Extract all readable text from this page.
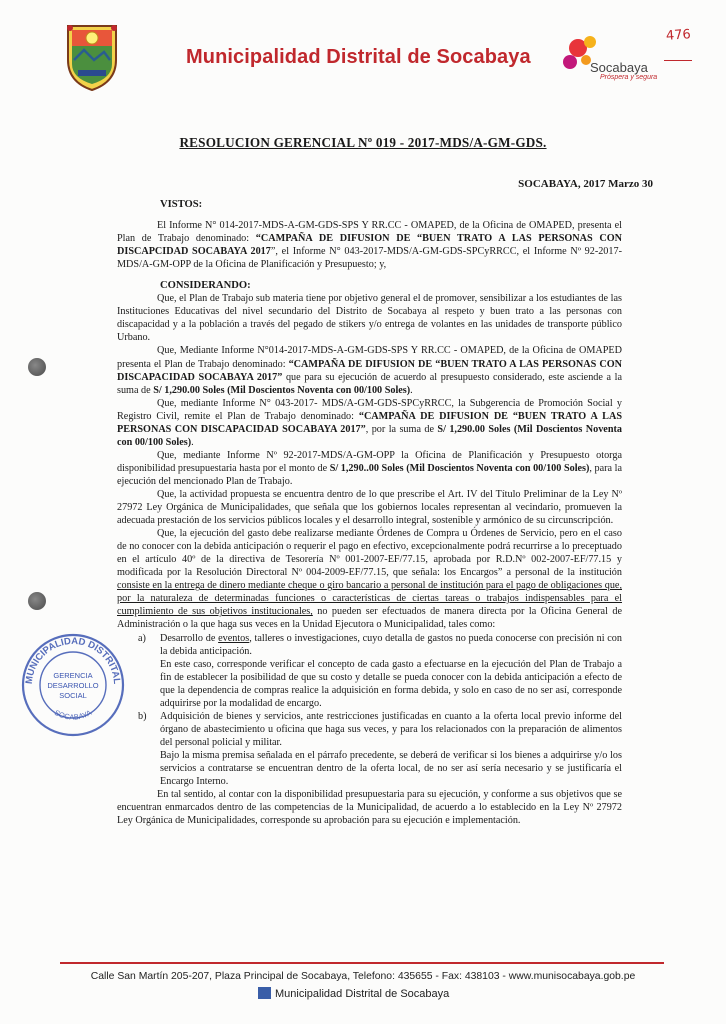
Municipalidad Distrital de Socabaya	Socabaya
Próspera y segura
476
RESOLUCION GERENCIAL Nº 019 - 2017-MDS/A-GM-GDS.
SOCABAYA, 2017 Marzo 30

VISTOS:

El Informe N° 014-2017-MDS-A-GM-GDS-SPS Y RR.CC - OMAPED, de la Oficina de OMAPED, presenta el Plan de Trabajo denominado: “CAMPAÑA DE DIFUSION DE “BUEN TRATO A LAS PERSONAS CON DISCAPCIDAD SOCABAYA 2017”, el Informe N° 043-2017-MDS/A-GM-GDS-SPCyRRCC, el Informe Nº 92-2017-MDS/A-GM-OPP de la Oficina de Planificación y Presupuesto; y,

CONSIDERANDO:

Que, el Plan de Trabajo sub materia tiene por objetivo general el de promover, sensibilizar a los estudiantes de las Instituciones Educativas del nivel secundario del Distrito de Socabaya al respeto y buen trato a las personas con discapacidad y a la población a través del pegado de stikers y/o entrega de volantes en las unidades de transporte público Urbano.

Que, Mediante Informe N°014-2017-MDS-A-GM-GDS-SPS Y RR.CC - OMAPED, de la Oficina de OMAPED presenta el Plan de Trabajo denominado: “CAMPAÑA DE DIFUSION DE “BUEN TRATO A LAS PERSONAS CON DISCAPACIDAD SOCABAYA 2017” que para su ejecución de acuerdo al presupuesto considerado, este asciende a la suma de S/ 1,290.00 Soles (Mil Doscientos Noventa con 00/100 Soles).

Que, mediante Informe N° 043-2017- MDS/A-GM-GDS-SPCyRRCC, la Subgerencia de Promoción Social y Registro Civil, remite el Plan de Trabajo denominado: “CAMPAÑA DE DIFUSION DE “BUEN TRATO A LAS PERSONAS CON DISCAPACIDAD SOCABAYA 2017”, por la suma de S/ 1,290.00 Soles (Mil Doscientos Noventa con 00/100 Soles).

Que, mediante Informe Nº 92-2017-MDS/A-GM-OPP la Oficina de Planificación y Presupuesto otorga disponibilidad presupuestaria hasta por el monto de S/ 1,290..00 Soles (Mil Doscientos Noventa con 00/100 Soles), para la ejecución del mencionado Plan de Trabajo.

Que, la actividad propuesta se encuentra dentro de lo que prescribe el Art. IV del Título Preliminar de la Ley Nº 27972 Ley Orgánica de Municipalidades, que señala que los gobiernos locales representan al vecindario, promueven la adecuada prestación de los servicios públicos locales y el desarrollo integral, sostenible y armónico de su circunscripción.

Que, la ejecución del gasto debe realizarse mediante Órdenes de Compra u Órdenes de Servicio, pero en el caso de no conocer con la debida anticipación o requerir el pago en efectivo, excepcionalmente podrá recurrirse a lo preceptuado en el artículo 40º de la directiva de Tesorería Nº 001-2007-EF/77.15, aprobada por R.D.Nº 002-2007-EF/77.15 y modificada por la Resolución Directoral Nº 004-2009-EF/77.15, que señala: los Encargos” a personal de la institución consiste en la entrega de dinero mediante cheque o giro bancario a personal de institución para el pago de obligaciones que, por la naturaleza de determinadas funciones o características de ciertas tareas o trabajos indispensables para el cumplimiento de sus objetivos institucionales, no pueden ser efectuados de manera directa por la Oficina General de Administración o la que haga sus veces en la Unidad Ejecutora o Municipalidad, tales como:

a) Desarrollo de eventos, talleres o investigaciones, cuyo detalla de gastos no pueda conocerse con precisión ni con la debida anticipación.

En este caso, corresponde verificar el concepto de cada gasto a efectuarse en la ejecución del Plan de Trabajo a fin de establecer la posibilidad de que su costo y detalle se pueda conocer con la debida anticipación a efecto de que la dependencia de compras realice la adquisición en forma debida, y solo en caso de no ser así, corresponde adquirirse por la modalidad de encargo.

b) Adquisición de bienes y servicios, ante restricciones justificadas en cuanto a la oferta local previo informe del órgano de abastecimiento u oficina que haga sus veces, y para los relacionados con la preparación de alimentos del personal policial y militar.

Bajo la misma premisa señalada en el párrafo precedente, se deberá de verificar si los bienes a adquirirse y/o los servicios a contratarse se encuentran dentro de la oferta local, de no ser así sería necesario y se justificaría el Encargo Interno.

En tal sentido, al contar con la disponibilidad presupuestaria para su ejecución, y conforme a sus objetivos que se encuentran enmarcados dentro de las competencias de la Municipalidad, de acuerdo a lo establecido en la Ley Nº 27972 Ley Orgánica de Municipalidades, corresponde su aprobación para su ejecución e implementación.

MUNICIPALIDAD DISTRITAL
SOCABAYA
GERENCIA
DESARROLLO
SOCIAL
Calle San Martín 205-207, Plaza Principal de Socabaya, Telefono: 435655 - Fax: 438103 - www.munisocabaya.gob.pe
Municipalidad Distrital de Socabaya
